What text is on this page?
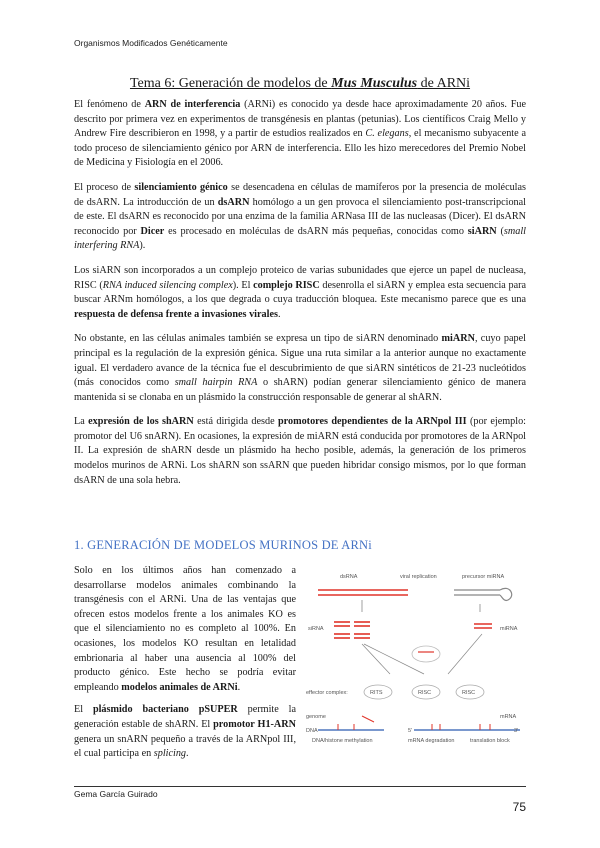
Organismos Modificados Genéticamente
Tema 6: Generación de modelos de Mus Musculus de ARNi

El fenómeno de ARN de interferencia (ARNi) es conocido ya desde hace aproximadamente 20 años. Fue descrito por primera vez en experimentos de transgénesis en plantas (petunias). Los científicos Craig Mello y Andrew Fire describieron en 1998, y a partir de estudios realizados en C. elegans, el mecanismo subyacente a todo proceso de silenciamiento génico por ARN de interferencia. Ello les hizo merecedores del Premio Nobel de Medicina y Fisiología en el 2006.

El proceso de silenciamiento génico se desencadena en células de mamíferos por la presencia de moléculas de dsARN. La introducción de un dsARN homólogo a un gen provoca el silenciamiento post-transcripcional de este. El dsARN es reconocido por una enzima de la familia ARNasa III de las nucleasas (Dicer). El dsARN reconocido por Dicer es procesado en moléculas de dsARN más pequeñas, conocidas como siARN (small interfering RNA).

Los siARN son incorporados a un complejo proteico de varias subunidades que ejerce un papel de nucleasa, RISC (RNA induced silencing complex). El complejo RISC desenrolla el siARN y emplea esta secuencia para buscar ARNm homólogos, a los que degrada o cuya traducción bloquea. Este mecanismo parece que es una respuesta de defensa frente a invasiones virales.

No obstante, en las células animales también se expresa un tipo de siARN denominado miARN, cuyo papel principal es la regulación de la expresión génica. Sigue una ruta similar a la anterior aunque no exactamente igual. El verdadero avance de la técnica fue el descubrimiento de que siARN sintéticos de 21-23 nucleótidos (más conocidos como small hairpin RNA o shARN) podían generar silenciamiento génico de manera mantenida si se clonaba en un plásmido la construcción responsable de generar al shARN.

La expresión de los shARN está dirigida desde promotores dependientes de la ARNpol III (por ejemplo: promotor del U6 snARN). En ocasiones, la expresión de miARN está conducida por promotores de la ARNpol II. La expresión de shARN desde un plásmido ha hecho posible, además, la generación de los primeros modelos murinos de ARNi. Los shARN son ssARN que pueden hibridar consigo mismos, por lo que forman dsARN de una sola hebra.

1. GENERACIÓN DE MODELOS MURINOS DE ARNi

Solo en los últimos años han comenzado a desarrollarse modelos animales combinando la transgénesis con el ARNi. Una de las ventajas que ofrecen estos modelos frente a los animales KO es que el silenciamiento no es completo al 100%. En ocasiones, los modelos KO resultan en letalidad embrionaria al haber una ausencia al 100% del producto génico. Este hecho se podría evitar empleando modelos animales de ARNi.

El plásmido bacteriano pSUPER permite la generación estable de shARN. El promotor H1-ARN genera un snARN pequeño a través de la ARNpol III, el cual participa en splicing.

dsRNA	viral replication	precursor miRNA
siRNA	miRNA
effector complex:	RITS	RISC	RISC
genome
DNA	5'
mRNA
3'
DNA/histone methylation	mRNA degradation	translation block
Gema García Guirado
75
